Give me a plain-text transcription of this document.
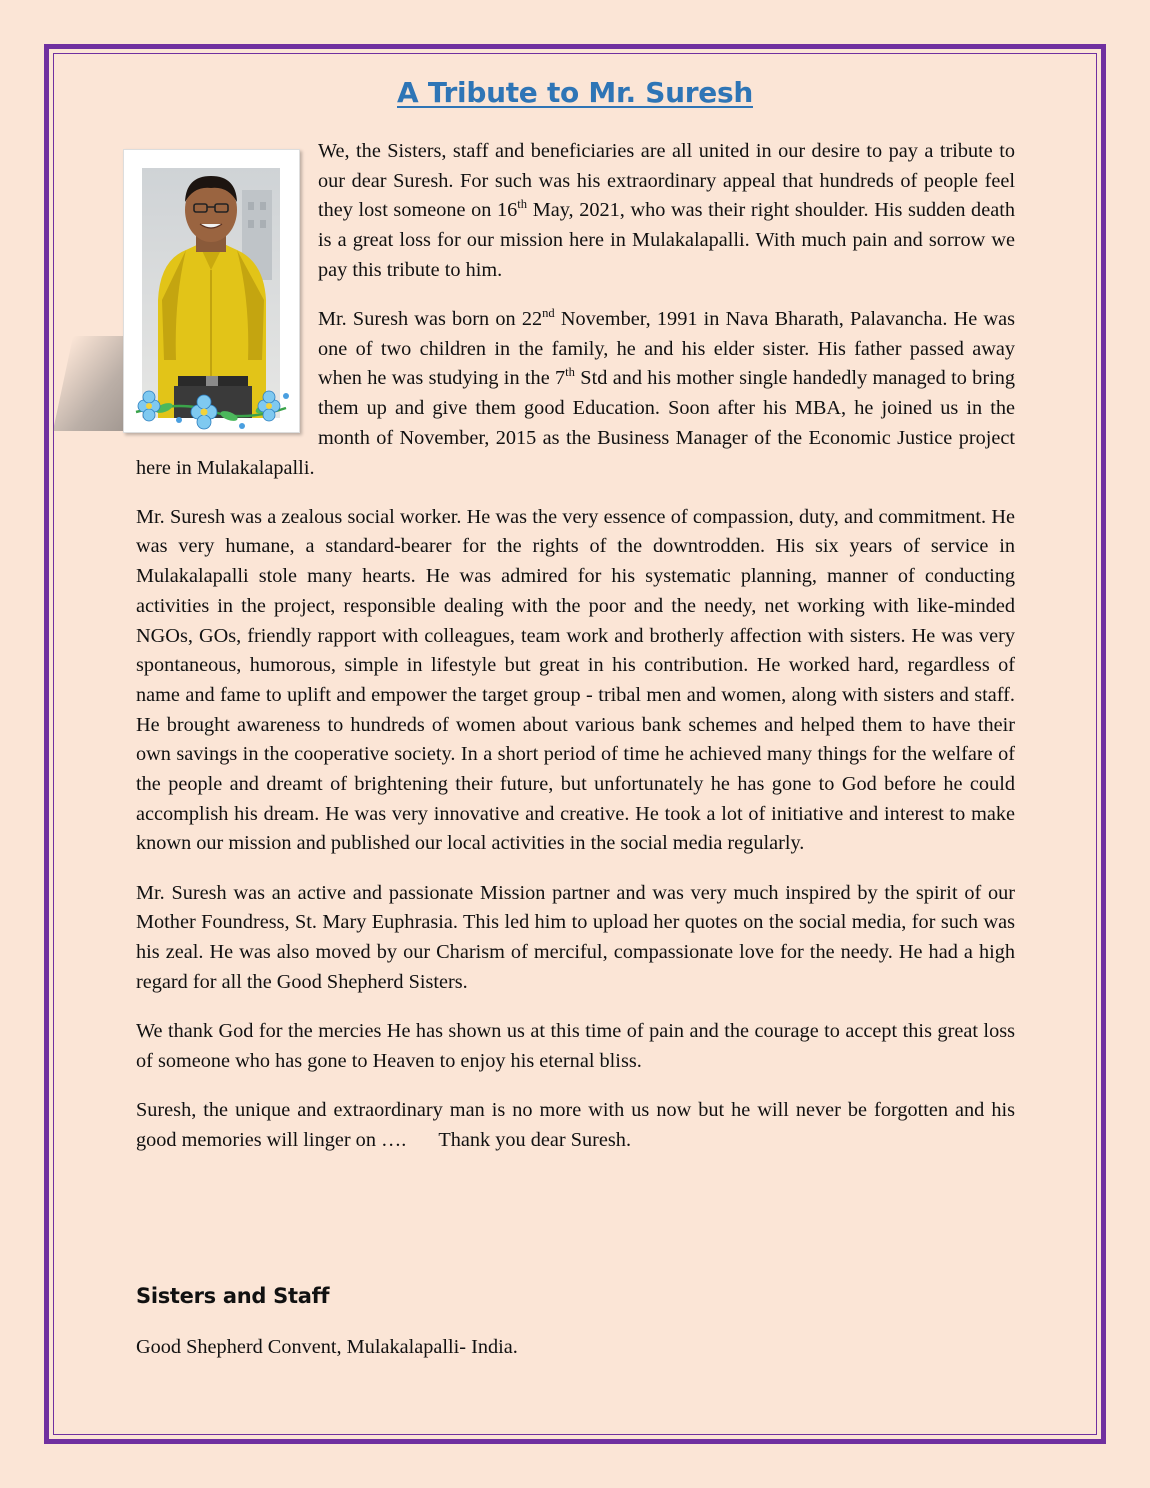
A Tribute to Mr. Suresh

We, the Sisters, staff and beneficiaries are all united in our desire to pay a tribute to our dear Suresh. For such was his extraordinary appeal that hundreds of people feel they lost someone on 16th May, 2021, who was their right shoulder. His sudden death is a great loss for our mission here in Mulakalapalli. With much pain and sorrow we pay this tribute to him.

Mr. Suresh was born on 22nd November, 1991 in Nava Bharath, Palavancha. He was one of two children in the family, he and his elder sister. His father passed away when he was studying in the 7th Std and his mother single handedly managed to bring them up and give them good Education. Soon after his MBA, he joined us in the month of November, 2015 as the Business Manager of the Economic Justice project here in Mulakalapalli.

Mr. Suresh was a zealous social worker. He was the very essence of compassion, duty, and commitment. He was very humane, a standard-bearer for the rights of the downtrodden. His six years of service in Mulakalapalli stole many hearts. He was admired for his systematic planning, manner of conducting activities in the project, responsible dealing with the poor and the needy, net working with like-minded NGOs, GOs, friendly rapport with colleagues, team work and brotherly affection with sisters. He was very spontaneous, humorous, simple in lifestyle but great in his contribution. He worked hard, regardless of name and fame to uplift and empower the target group - tribal men and women, along with sisters and staff. He brought awareness to hundreds of women about various bank schemes and helped them to have their own savings in the cooperative society. In a short period of time he achieved many things for the welfare of the people and dreamt of brightening their future, but unfortunately he has gone to God before he could accomplish his dream. He was very innovative and creative. He took a lot of initiative and interest to make known our mission and published our local activities in the social media regularly.

Mr. Suresh was an active and passionate Mission partner and was very much inspired by the spirit of our Mother Foundress, St. Mary Euphrasia. This led him to upload her quotes on the social media, for such was his zeal. He was also moved by our Charism of merciful, compassionate love for the needy. He had a high regard for all the Good Shepherd Sisters.

We thank God for the mercies He has shown us at this time of pain and the courage to accept this great loss of someone who has gone to Heaven to enjoy his eternal bliss.

Suresh, the unique and extraordinary man is no more with us now but he will never be forgotten and his good memories will linger on …. Thank you dear Suresh.

Sisters and Staff
Good Shepherd Convent, Mulakalapalli- India.
